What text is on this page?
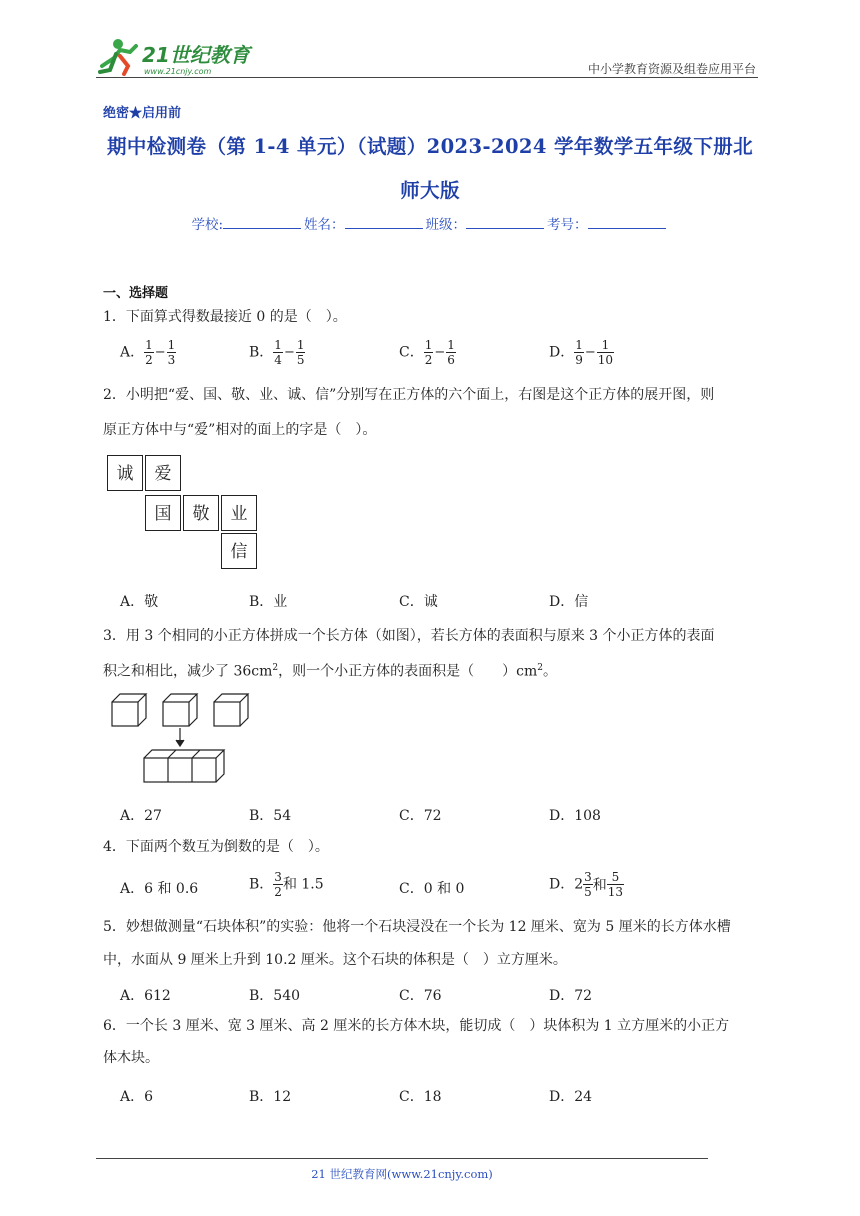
21世纪教育
www.21cnjy.com	中小学教育资源及组卷应用平台
绝密★启用前
期中检测卷（第 1-4 单元）（试题）2023-2024 学年数学五年级下册北
师大版
学校:	姓名：	班级：	考号：
一、选择题
1．下面算式得数最接近 0 的是（　）。
A． $\frac{1}{2} - \frac{1}{3}$	B． $\frac{1}{4} - \frac{1}{5}$	C． $\frac{1}{2} - \frac{1}{6}$	D． $\frac{1}{9} - \frac{1}{10}$
2．小明把“爱、国、敬、业、诚、信”分别写在正方体的六个面上，右图是这个正方体的展开图，则
原正方体中与“爱”相对的面上的字是（　）。
诚	爱
国	敬	业
信
A．敬	B．业	C．诚	D．信
3．用 3 个相同的小正方体拼成一个长方体（如图），若长方体的表面积与原来 3 个小正方体的表面
积之和相比，减少了 $36cm^2$，则一个小正方体的表面积是（　　）$cm^2$。
A．27	B．54	C．72	D．108
4．下面两个数互为倒数的是（　）。
A．6 和 0.6	B． $\frac{3}{2}$ 和 1.5	C．0 和 0	D．$2 \frac{3}{5}$ 和 $\frac{5}{13}$
5．妙想做测量“石块体积”的实验：他将一个石块浸没在一个长为 12 厘米、宽为 5 厘米的长方体水槽
中，水面从 9 厘米上升到 10.2 厘米。这个石块的体积是（　）立方厘米。
A．612	B．540	C．76	D．72
6．一个长 3 厘米、宽 3 厘米、高 2 厘米的长方体木块，能切成（　）块体积为 1 立方厘米的小正方
体木块。
A．6	B．12	C．18	D．24
21 世纪教育网(www.21cnjy.com)
